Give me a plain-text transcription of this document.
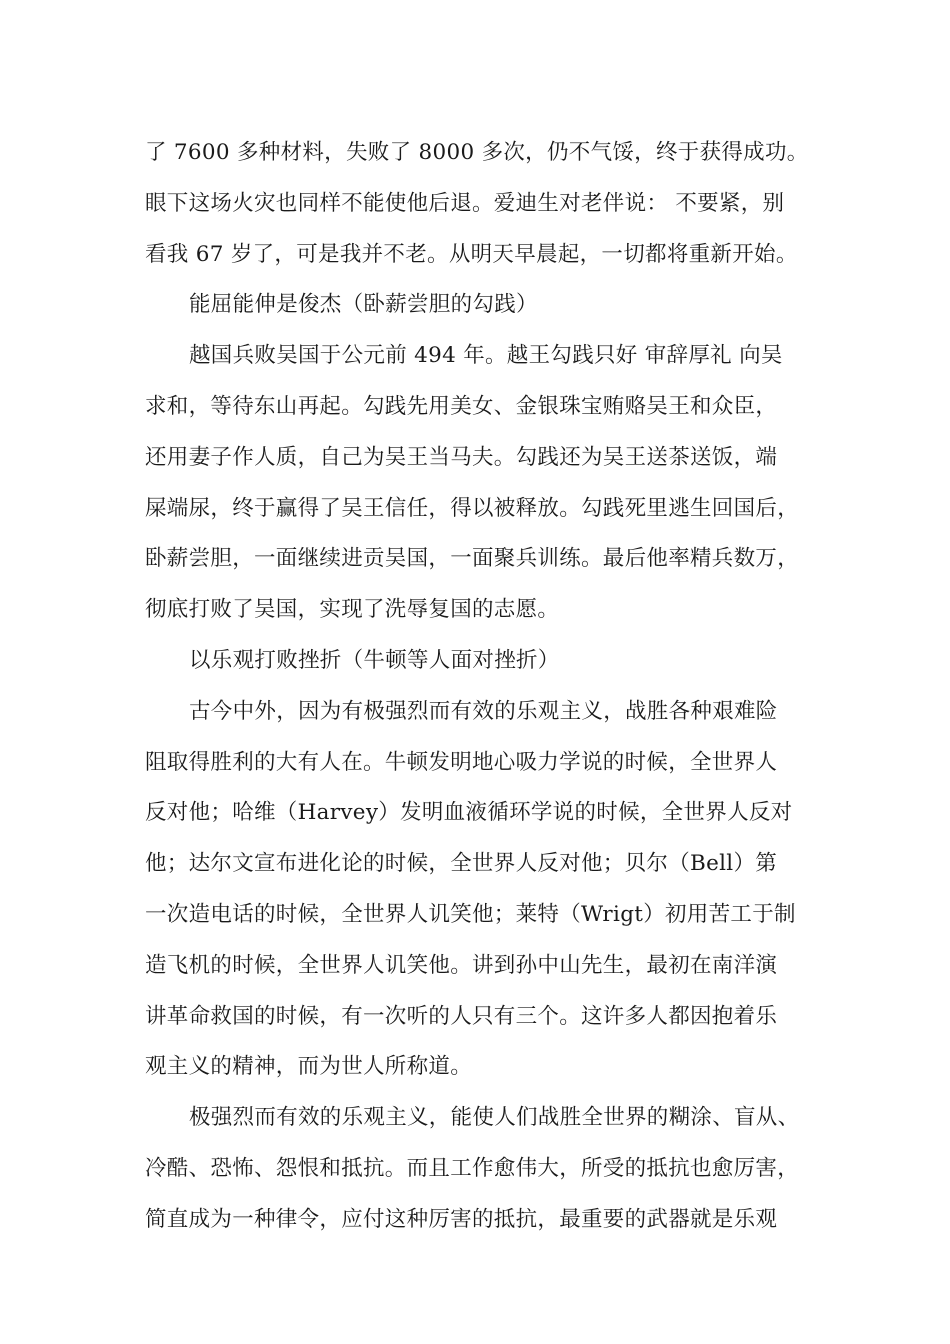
了 7600 多种材料，失败了 8000 多次，仍不气馁，终于获得成功。
眼下这场火灾也同样不能使他后退。爱迪生对老伴说： 不要紧，别
看我 67 岁了，可是我并不老。从明天早晨起，一切都将重新开始。
能屈能伸是俊杰（卧薪尝胆的勾践）
越国兵败吴国于公元前 494 年。越王勾践只好 审辞厚礼 向吴
求和，等待东山再起。勾践先用美女、金银珠宝贿赂吴王和众臣，
还用妻子作人质，自己为吴王当马夫。勾践还为吴王送茶送饭，端
屎端尿，终于赢得了吴王信任，得以被释放。勾践死里逃生回国后，
卧薪尝胆，一面继续进贡吴国，一面聚兵训练。最后他率精兵数万，
彻底打败了吴国，实现了洗辱复国的志愿。
以乐观打败挫折（牛顿等人面对挫折）
古今中外，因为有极强烈而有效的乐观主义，战胜各种艰难险
阻取得胜利的大有人在。牛顿发明地心吸力学说的时候，全世界人
反对他；哈维（Harvey）发明血液循环学说的时候，全世界人反对
他；达尔文宣布进化论的时候，全世界人反对他；贝尔（Bell）第
一次造电话的时候，全世界人讥笑他；莱特（Wrigt）初用苦工于制
造飞机的时候，全世界人讥笑他。讲到孙中山先生，最初在南洋演
讲革命救国的时候，有一次听的人只有三个。这许多人都因抱着乐
观主义的精神，而为世人所称道。
极强烈而有效的乐观主义，能使人们战胜全世界的糊涂、盲从、
冷酷、恐怖、怨恨和抵抗。而且工作愈伟大，所受的抵抗也愈厉害，
简直成为一种律令，应付这种厉害的抵抗，最重要的武器就是乐观
